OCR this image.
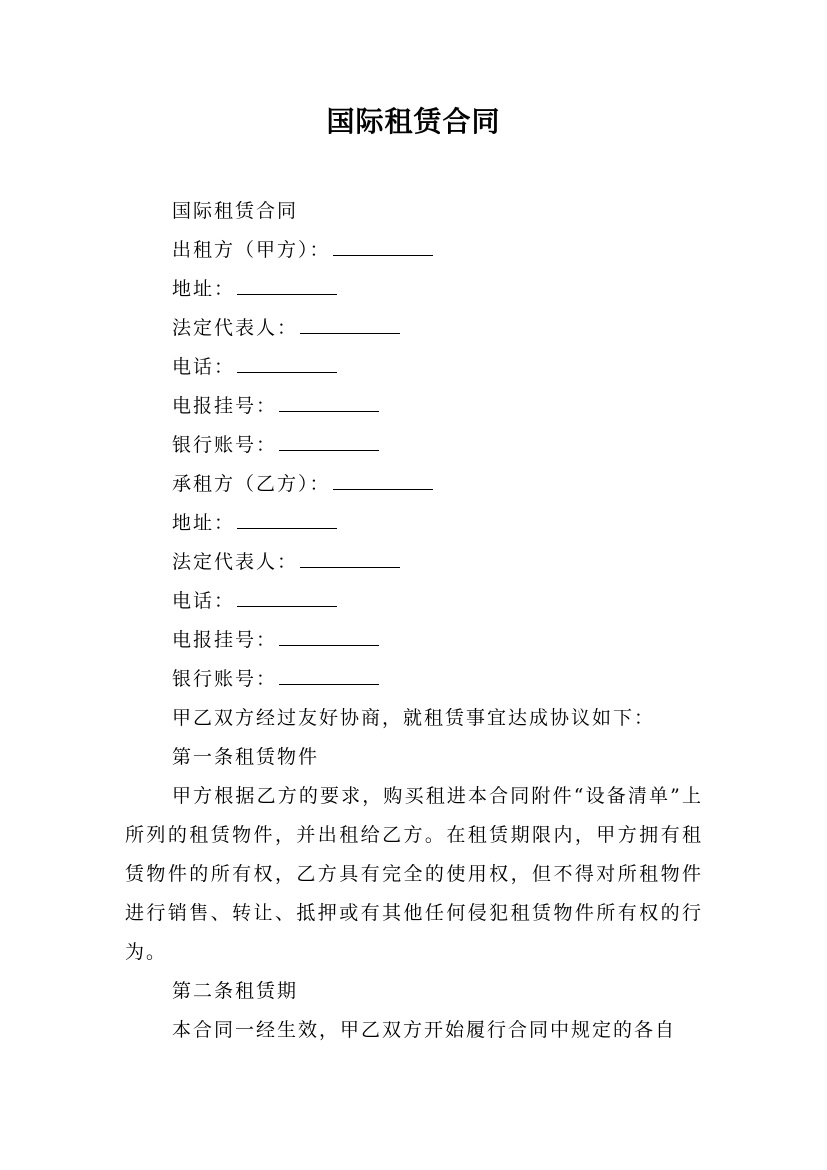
国际租赁合同
国际租赁合同
出租方（甲方）：
地址：
法定代表人：
电话：
电报挂号：
银行账号：
承租方（乙方）：
地址：
法定代表人：
电话：
电报挂号：
银行账号：
甲乙双方经过友好协商，就租赁事宜达成协议如下：
第一条租赁物件

甲方根据乙方的要求，购买租进本合同附件“设备清单”上所列的租赁物件，并出租给乙方。在租赁期限内，甲方拥有租赁物件的所有权，乙方具有完全的使用权，但不得对所租物件进行销售、转让、抵押或有其他任何侵犯租赁物件所有权的行为。

第二条租赁期

本合同一经生效，甲乙双方开始履行合同中规定的各自
